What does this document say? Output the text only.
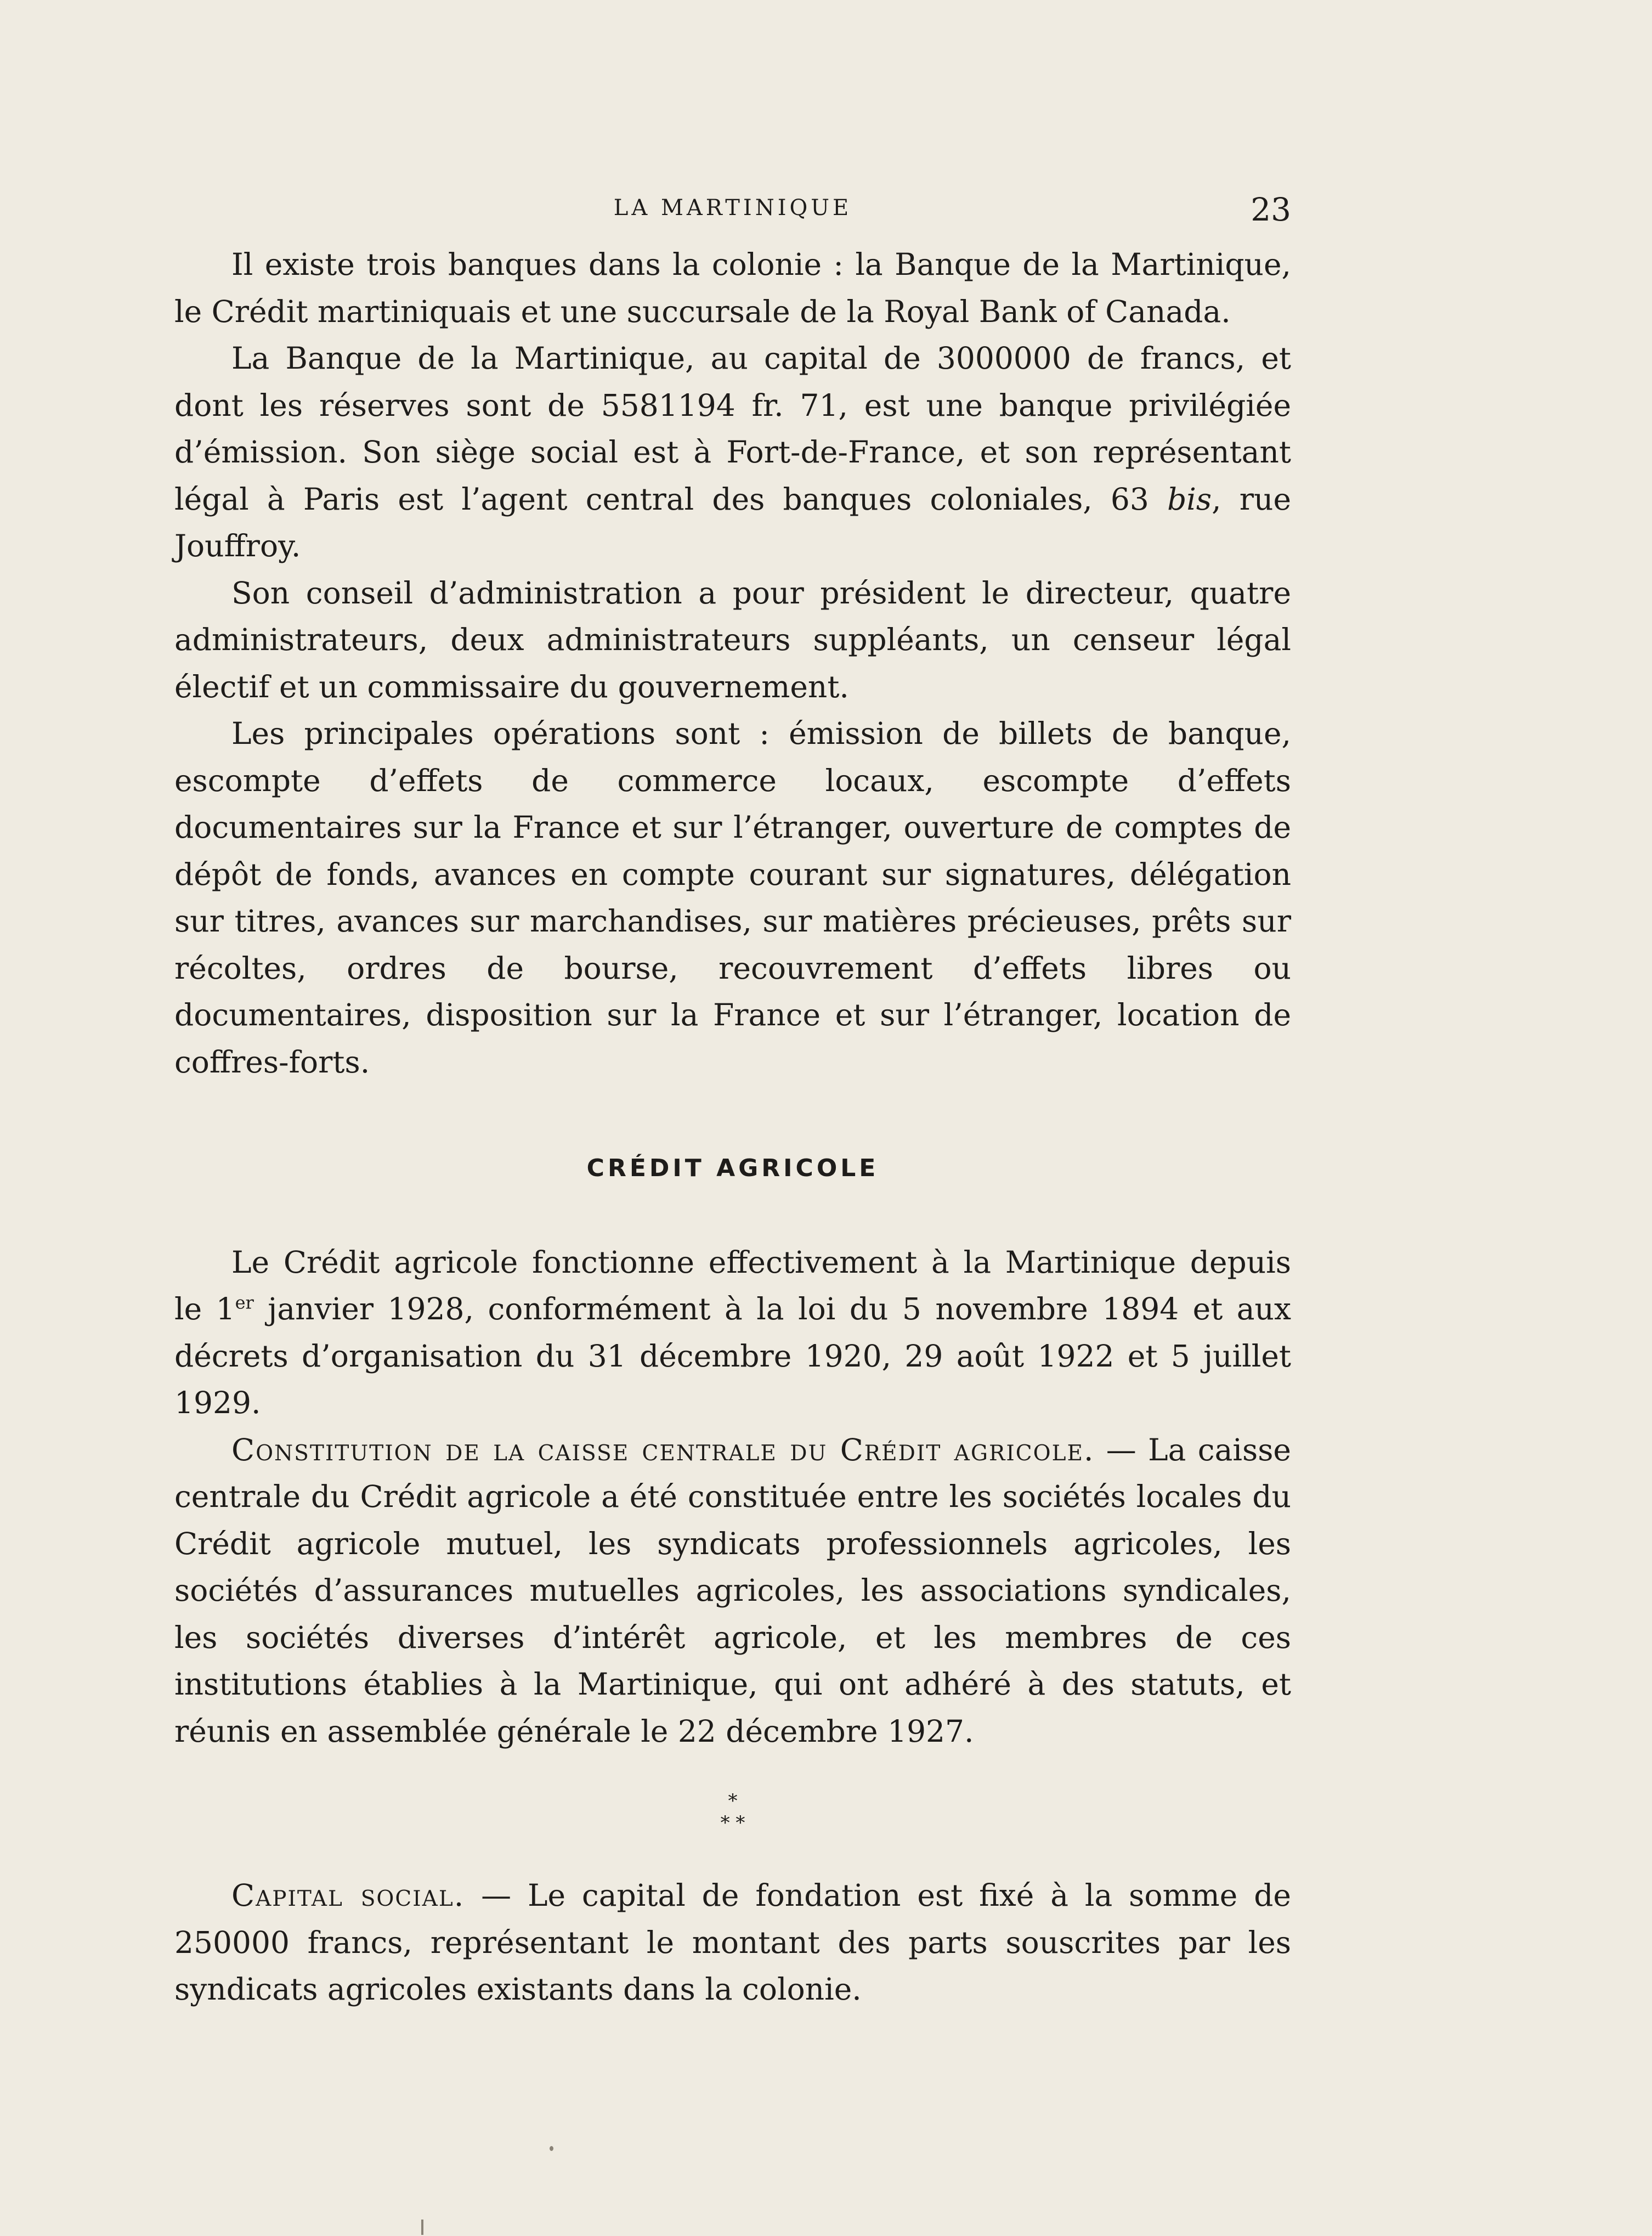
LA MARTINIQUE	23

Il existe trois banques dans la colonie : la Banque de la Martinique, le Crédit martiniquais et une succursale de la Royal Bank of Canada.

La Banque de la Martinique, au capital de 3000000 de francs, et dont les réserves sont de 5581194 fr. 71, est une banque privilégiée d’émission. Son siège social est à Fort-de-France, et son représentant légal à Paris est l’agent central des banques coloniales, 63 bis, rue Jouffroy.

Son conseil d’administration a pour président le directeur, quatre administrateurs, deux administrateurs suppléants, un censeur légal électif et un commissaire du gouvernement.

Les principales opérations sont : émission de billets de banque, escompte d’effets de commerce locaux, escompte d’effets documentaires sur la France et sur l’étranger, ouverture de comptes de dépôt de fonds, avances en compte courant sur signatures, délégation sur titres, avances sur marchandises, sur matières précieuses, prêts sur récoltes, ordres de bourse, recouvrement d’effets libres ou documentaires, disposition sur la France et sur l’étranger, location de coffres-forts.

CRÉDIT AGRICOLE

Le Crédit agricole fonctionne effectivement à la Martinique depuis le 1er janvier 1928, conformément à la loi du 5 novembre 1894 et aux décrets d’organisation du 31 décembre 1920, 29 août 1922 et 5 juillet 1929.

Constitution de la caisse centrale du Crédit agricole. — La caisse centrale du Crédit agricole a été constituée entre les sociétés locales du Crédit agricole mutuel, les syndicats professionnels agricoles, les sociétés d’assurances mutuelles agricoles, les associations syndicales, les sociétés diverses d’intérêt agricole, et les membres de ces institutions établies à la Martinique, qui ont adhéré à des statuts, et réunis en assemblée générale le 22 décembre 1927.

*
* *

Capital social. — Le capital de fondation est fixé à la somme de 250000 francs, représentant le montant des parts souscrites par les syndicats agricoles existants dans la colonie.
